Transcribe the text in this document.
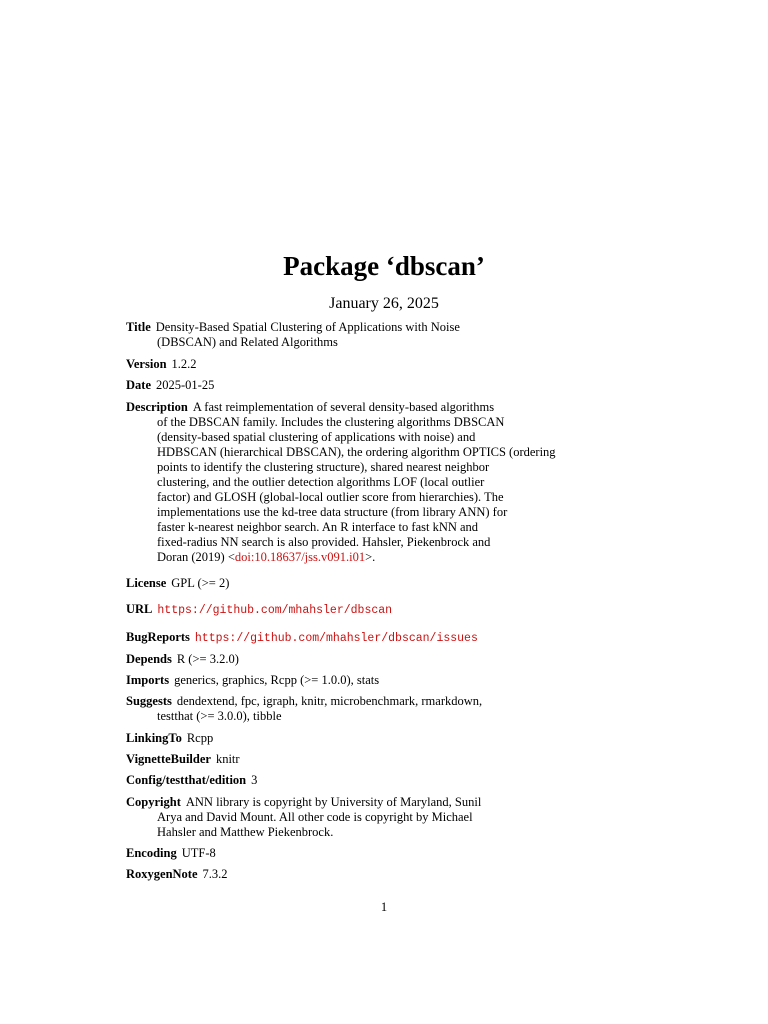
Package ‘dbscan’
January 26, 2025
Title Density-Based Spatial Clustering of Applications with Noise
(DBSCAN) and Related Algorithms
Version 1.2.2
Date 2025-01-25
Description A fast reimplementation of several density-based algorithms
of the DBSCAN family. Includes the clustering algorithms DBSCAN
(density-based spatial clustering of applications with noise) and
HDBSCAN (hierarchical DBSCAN), the ordering algorithm OPTICS (ordering
points to identify the clustering structure), shared nearest neighbor
clustering, and the outlier detection algorithms LOF (local outlier
factor) and GLOSH (global-local outlier score from hierarchies). The
implementations use the kd-tree data structure (from library ANN) for
faster k-nearest neighbor search. An R interface to fast kNN and
fixed-radius NN search is also provided. Hahsler, Piekenbrock and
Doran (2019) <doi:10.18637/jss.v091.i01>.
License GPL (>= 2)
URL https://github.com/mhahsler/dbscan
BugReports https://github.com/mhahsler/dbscan/issues
Depends R (>= 3.2.0)
Imports generics, graphics, Rcpp (>= 1.0.0), stats
Suggests dendextend, fpc, igraph, knitr, microbenchmark, rmarkdown,
testthat (>= 3.0.0), tibble
LinkingTo Rcpp
VignetteBuilder knitr
Config/testthat/edition 3
Copyright ANN library is copyright by University of Maryland, Sunil
Arya and David Mount. All other code is copyright by Michael
Hahsler and Matthew Piekenbrock.
Encoding UTF-8
RoxygenNote 7.3.2
1
